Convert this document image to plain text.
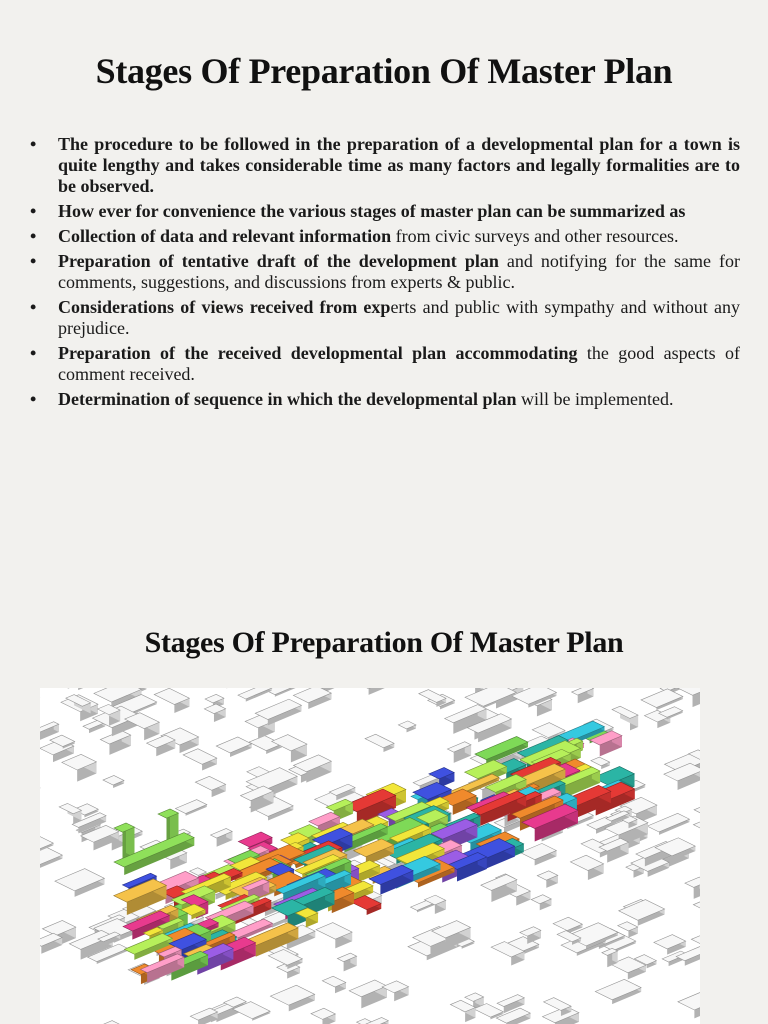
Stages Of Preparation Of Master Plan
• The procedure to be followed in the preparation of a developmental plan for a town is quite lengthy and takes considerable time as many factors and legally formalities are to be observed.
• How ever for convenience the various stages of master plan can be summarized as
• Collection of data and relevant information from civic surveys and other resources.
• Preparation of tentative draft of the development plan and notifying for the same for comments, suggestions, and discussions from experts & public.
• Considerations of views received from experts and public with sympathy and without any prejudice.
• Preparation of the received developmental plan accommodating the good aspects of comment received.
• Determination of sequence in which the developmental plan will be implemented.
Stages Of Preparation Of Master Plan
